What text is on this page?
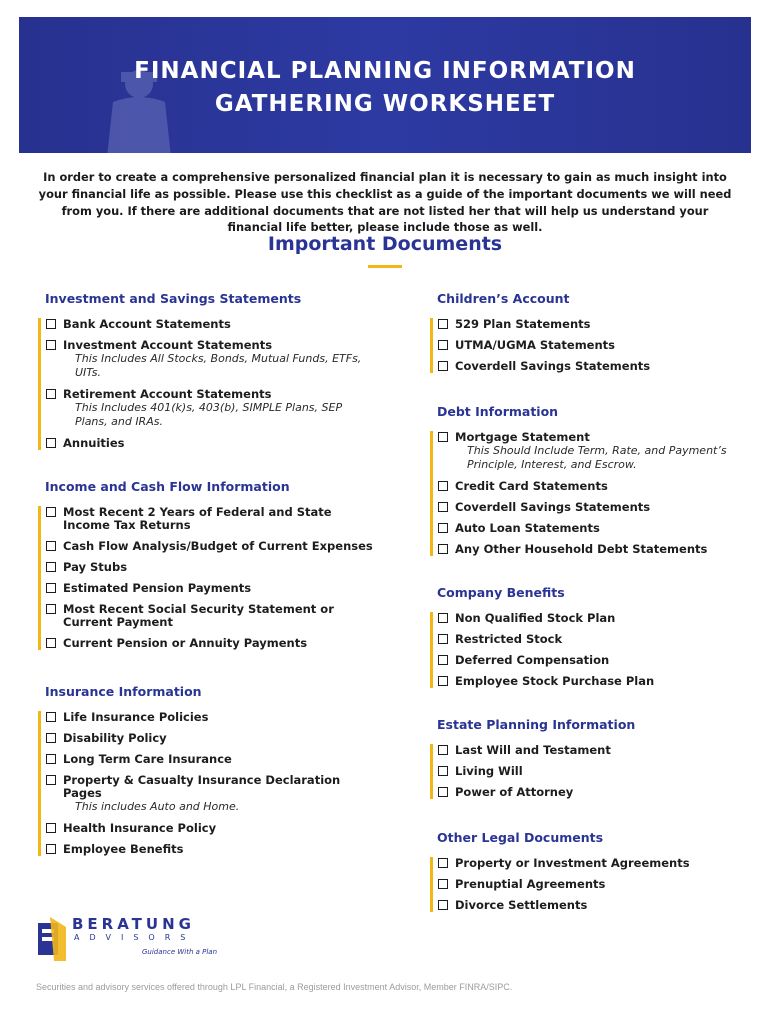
FINANCIAL PLANNING INFORMATION
GATHERING WORKSHEET
In order to create a comprehensive personalized financial plan it is necessary to gain as much insight into your financial life as possible. Please use this checklist as a guide of the important documents we will need from you. If there are additional documents that are not listed her that will help us understand your financial life better, please include those as well.
Important Documents
Investment and Savings Statements
Bank Account Statements
Investment Account Statements
This Includes All Stocks, Bonds, Mutual Funds, ETFs, UITs.
Retirement Account Statements
This Includes 401(k)s, 403(b), SIMPLE Plans, SEP Plans, and IRAs.
Annuities
Income and Cash Flow Information
Most Recent 2 Years of Federal and State Income Tax Returns
Cash Flow Analysis/Budget of Current Expenses
Pay Stubs
Estimated Pension Payments
Most Recent Social Security Statement or Current Payment
Current Pension or Annuity Payments
Insurance Information
Life Insurance Policies
Disability Policy
Long Term Care Insurance
Property & Casualty Insurance Declaration Pages
This includes Auto and Home.
Health Insurance Policy
Employee Benefits
Children’s Account
529 Plan Statements
UTMA/UGMA Statements
Coverdell Savings Statements
Debt Information
Mortgage Statement
This Should Include Term, Rate, and Payment’s Principle, Interest, and Escrow.
Credit Card Statements
Coverdell Savings Statements
Auto Loan Statements
Any Other Household Debt Statements
Company Benefits
Non Qualified Stock Plan
Restricted Stock
Deferred Compensation
Employee Stock Purchase Plan
Estate Planning Information
Last Will and Testament
Living Will
Power of Attorney
Other Legal Documents
Property or Investment Agreements
Prenuptial Agreements
Divorce Settlements
BERATUNG
ADVISORS
Guidance With a Plan
Securities and advisory services offered through LPL Financial, a Registered Investment Advisor, Member FINRA/SIPC.
